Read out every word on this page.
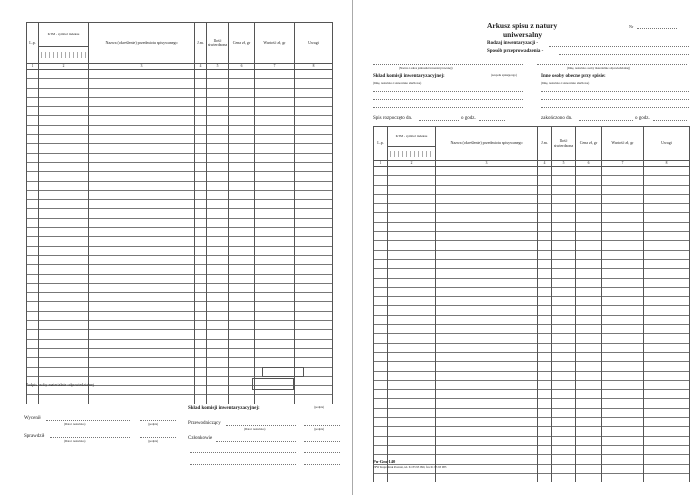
L.p.	KTM - symbol indeksu	Nazwa (określenie) przedmiotu spisywanego	J.m.	Ilość stwierdzona	Cena zł, gr	Wartość zł, gr	Uwagi

1	2	3	4	5	6	7	8

Podpis osoby materialnie odpowiedzialnej
Wycenił
(Data i nazwisko)	(podpis)
Sprawdził
(Data i nazwisko)	(podpis)
Skład komisji inwentaryzacyjnej:	(podpis)
Przewodniczący
(Data i nazwisko)	(podpis)
Członkowie
Arkusz spisu z natury
uniwersalny
Nr
Rodzaj inwentaryzacji -
Sposób przeprowadzenia -
(Nazwa i adres jednostki inwentaryzowanej)	(Imię, nazwisko osoby materialnie odpowiedzialnej)
Skład komisji inwentaryzacyjnej:	(zespołu spisującego)
(Imię, nazwisko i stanowisko służbowe)
Inne osoby obecne przy spisie:
(Imię, nazwisko i stanowisko służbowe)
Spis rozpoczęto dn.	o godz.	zakończono dn.	o godz.
L.p.	KTM - symbol indeksu	Nazwa (określenie) przedmiotu spisywanego	J.m.	Ilość stwierdzona	Cena zł, gr	Wartość zł, gr	Uwagi

1	2	3	4	5	6	7	8

Pu-Gm-140
ZPW Kuprodruk Poznań, tel. 61 83 93 990, fax 61 83 93 983
